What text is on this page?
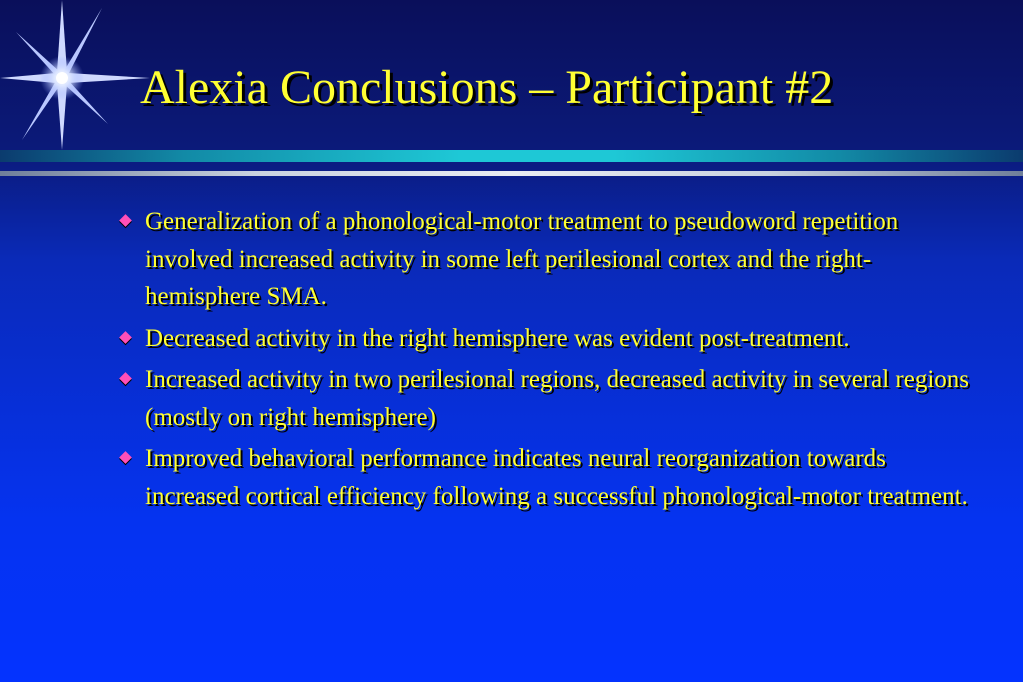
Alexia Conclusions – Participant #2
Generalization of a phonological-motor treatment to pseudoword repetition involved increased activity in some left perilesional cortex and the right-hemisphere SMA.
Decreased activity in the right hemisphere was evident post-treatment.
Increased activity in two perilesional regions, decreased activity in several regions (mostly on right hemisphere)
Improved behavioral performance indicates neural reorganization towards increased cortical efficiency following a successful phonological-motor treatment.
